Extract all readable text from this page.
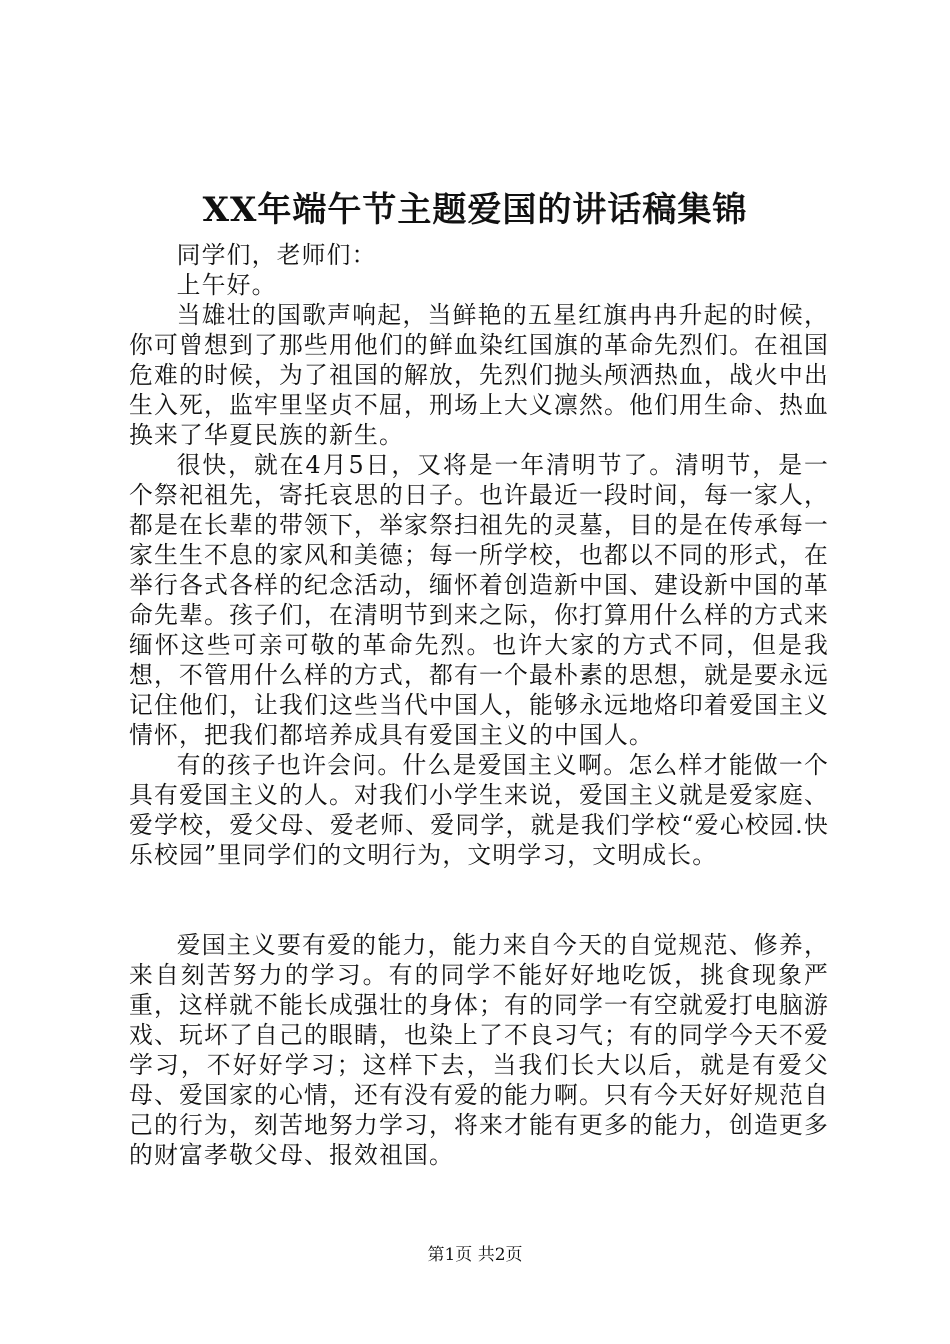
XX年端午节主题爱国的讲话稿集锦

同学们，老师们：

上午好。

当雄壮的国歌声响起，当鲜艳的五星红旗冉冉升起的时候，你可曾想到了那些用他们的鲜血染红国旗的革命先烈们。在祖国危难的时候，为了祖国的解放，先烈们抛头颅洒热血，战火中出生入死，监牢里坚贞不屈，刑场上大义凛然。他们用生命、热血换来了华夏民族的新生。

很快，就在4月5日，又将是一年清明节了。清明节，是一个祭祀祖先，寄托哀思的日子。也许最近一段时间，每一家人，都是在长辈的带领下，举家祭扫祖先的灵墓，目的是在传承每一家生生不息的家风和美德；每一所学校，也都以不同的形式，在举行各式各样的纪念活动，缅怀着创造新中国、建设新中国的革命先辈。孩子们，在清明节到来之际，你打算用什么样的方式来缅怀这些可亲可敬的革命先烈。也许大家的方式不同，但是我想，不管用什么样的方式，都有一个最朴素的思想，就是要永远记住他们，让我们这些当代中国人，能够永远地烙印着爱国主义情怀，把我们都培养成具有爱国主义的中国人。

有的孩子也许会问。什么是爱国主义啊。怎么样才能做一个具有爱国主义的人。对我们小学生来说，爱国主义就是爱家庭、爱学校，爱父母、爱老师、爱同学，就是我们学校“爱心校园.快乐校园”里同学们的文明行为，文明学习，文明成长。

爱国主义要有爱的能力，能力来自今天的自觉规范、修养，来自刻苦努力的学习。有的同学不能好好地吃饭，挑食现象严重，这样就不能长成强壮的身体；有的同学一有空就爱打电脑游戏、玩坏了自己的眼睛，也染上了不良习气；有的同学今天不爱学习，不好好学习；这样下去，当我们长大以后，就是有爱父母、爱国家的心情，还有没有爱的能力啊。只有今天好好规范自己的行为，刻苦地努力学习，将来才能有更多的能力，创造更多的财富孝敬父母、报效祖国。

第1页 共2页
